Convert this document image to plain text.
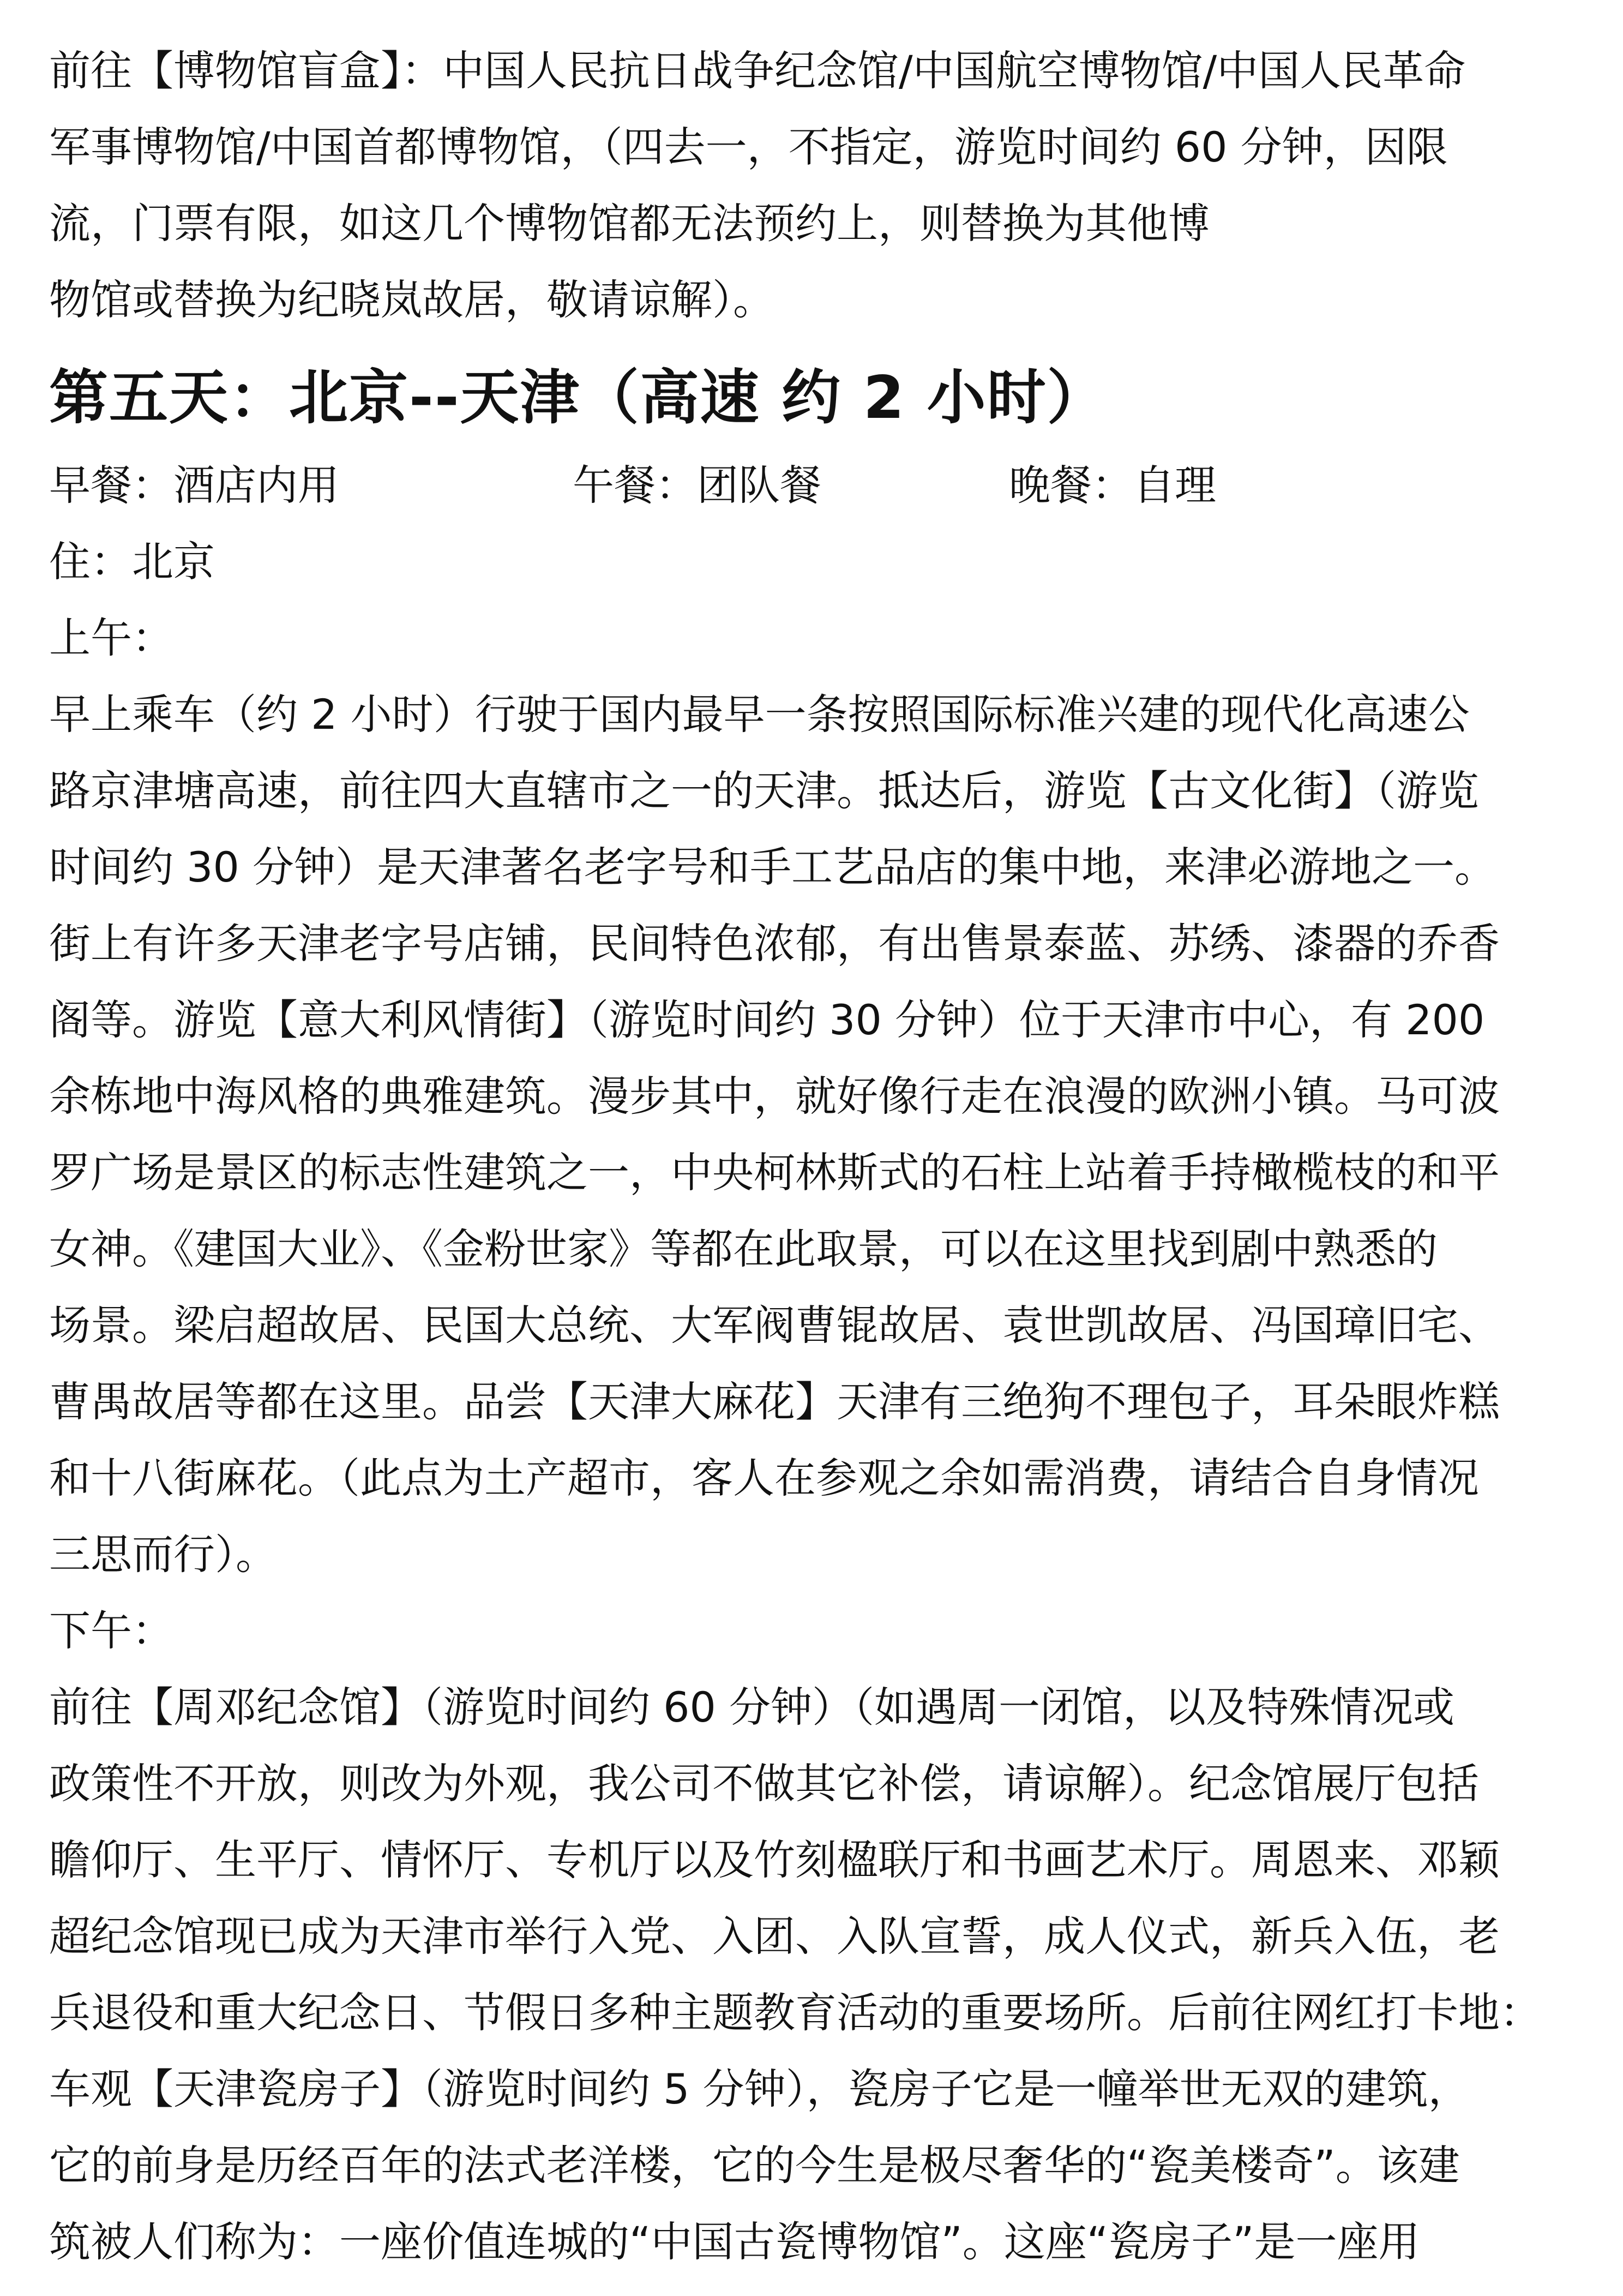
前往【博物馆盲盒】：中国人民抗日战争纪念馆/中国航空博物馆/中国人民革命

军事博物馆/中国首都博物馆，（四去一，不指定，游览时间约 60 分钟，因限

流，门票有限，如这几个博物馆都无法预约上，则替换为其他博

物馆或替换为纪晓岚故居，敬请谅解）。

第五天：北京--天津（高速 约 2 小时）
早餐：酒店内用	午餐：团队餐	晚餐：自理

住：北京

上午：

早上乘车（约 2 小时）行驶于国内最早一条按照国际标准兴建的现代化高速公

路京津塘高速，前往四大直辖市之一的天津。抵达后，游览【古文化街】（游览

时间约 30 分钟）是天津著名老字号和手工艺品店的集中地，来津必游地之一。

街上有许多天津老字号店铺，民间特色浓郁，有出售景泰蓝、苏绣、漆器的乔香

阁等。游览【意大利风情街】（游览时间约 30 分钟）位于天津市中心，有 200

余栋地中海风格的典雅建筑。漫步其中，就好像行走在浪漫的欧洲小镇。马可波

罗广场是景区的标志性建筑之一，中央柯林斯式的石柱上站着手持橄榄枝的和平

女神。《建国大业》、《金粉世家》等都在此取景，可以在这里找到剧中熟悉的

场景。梁启超故居、民国大总统、大军阀曹锟故居、袁世凯故居、冯国璋旧宅、

曹禺故居等都在这里。品尝【天津大麻花】天津有三绝狗不理包子，耳朵眼炸糕

和十八街麻花。（此点为土产超市，客人在参观之余如需消费，请结合自身情况

三思而行）。

下午：

前往【周邓纪念馆】（游览时间约 60 分钟）（如遇周一闭馆，以及特殊情况或

政策性不开放，则改为外观，我公司不做其它补偿，请谅解）。纪念馆展厅包括

瞻仰厅、生平厅、情怀厅、专机厅以及竹刻楹联厅和书画艺术厅。周恩来、邓颖

超纪念馆现已成为天津市举行入党、入团、入队宣誓，成人仪式，新兵入伍，老

兵退役和重大纪念日、节假日多种主题教育活动的重要场所。后前往网红打卡地：

车观【天津瓷房子】（游览时间约 5 分钟），瓷房子它是一幢举世无双的建筑，

它的前身是历经百年的法式老洋楼，它的今生是极尽奢华的“瓷美楼奇”。该建

筑被人们称为：一座价值连城的“中国古瓷博物馆”。这座“瓷房子”是一座用
